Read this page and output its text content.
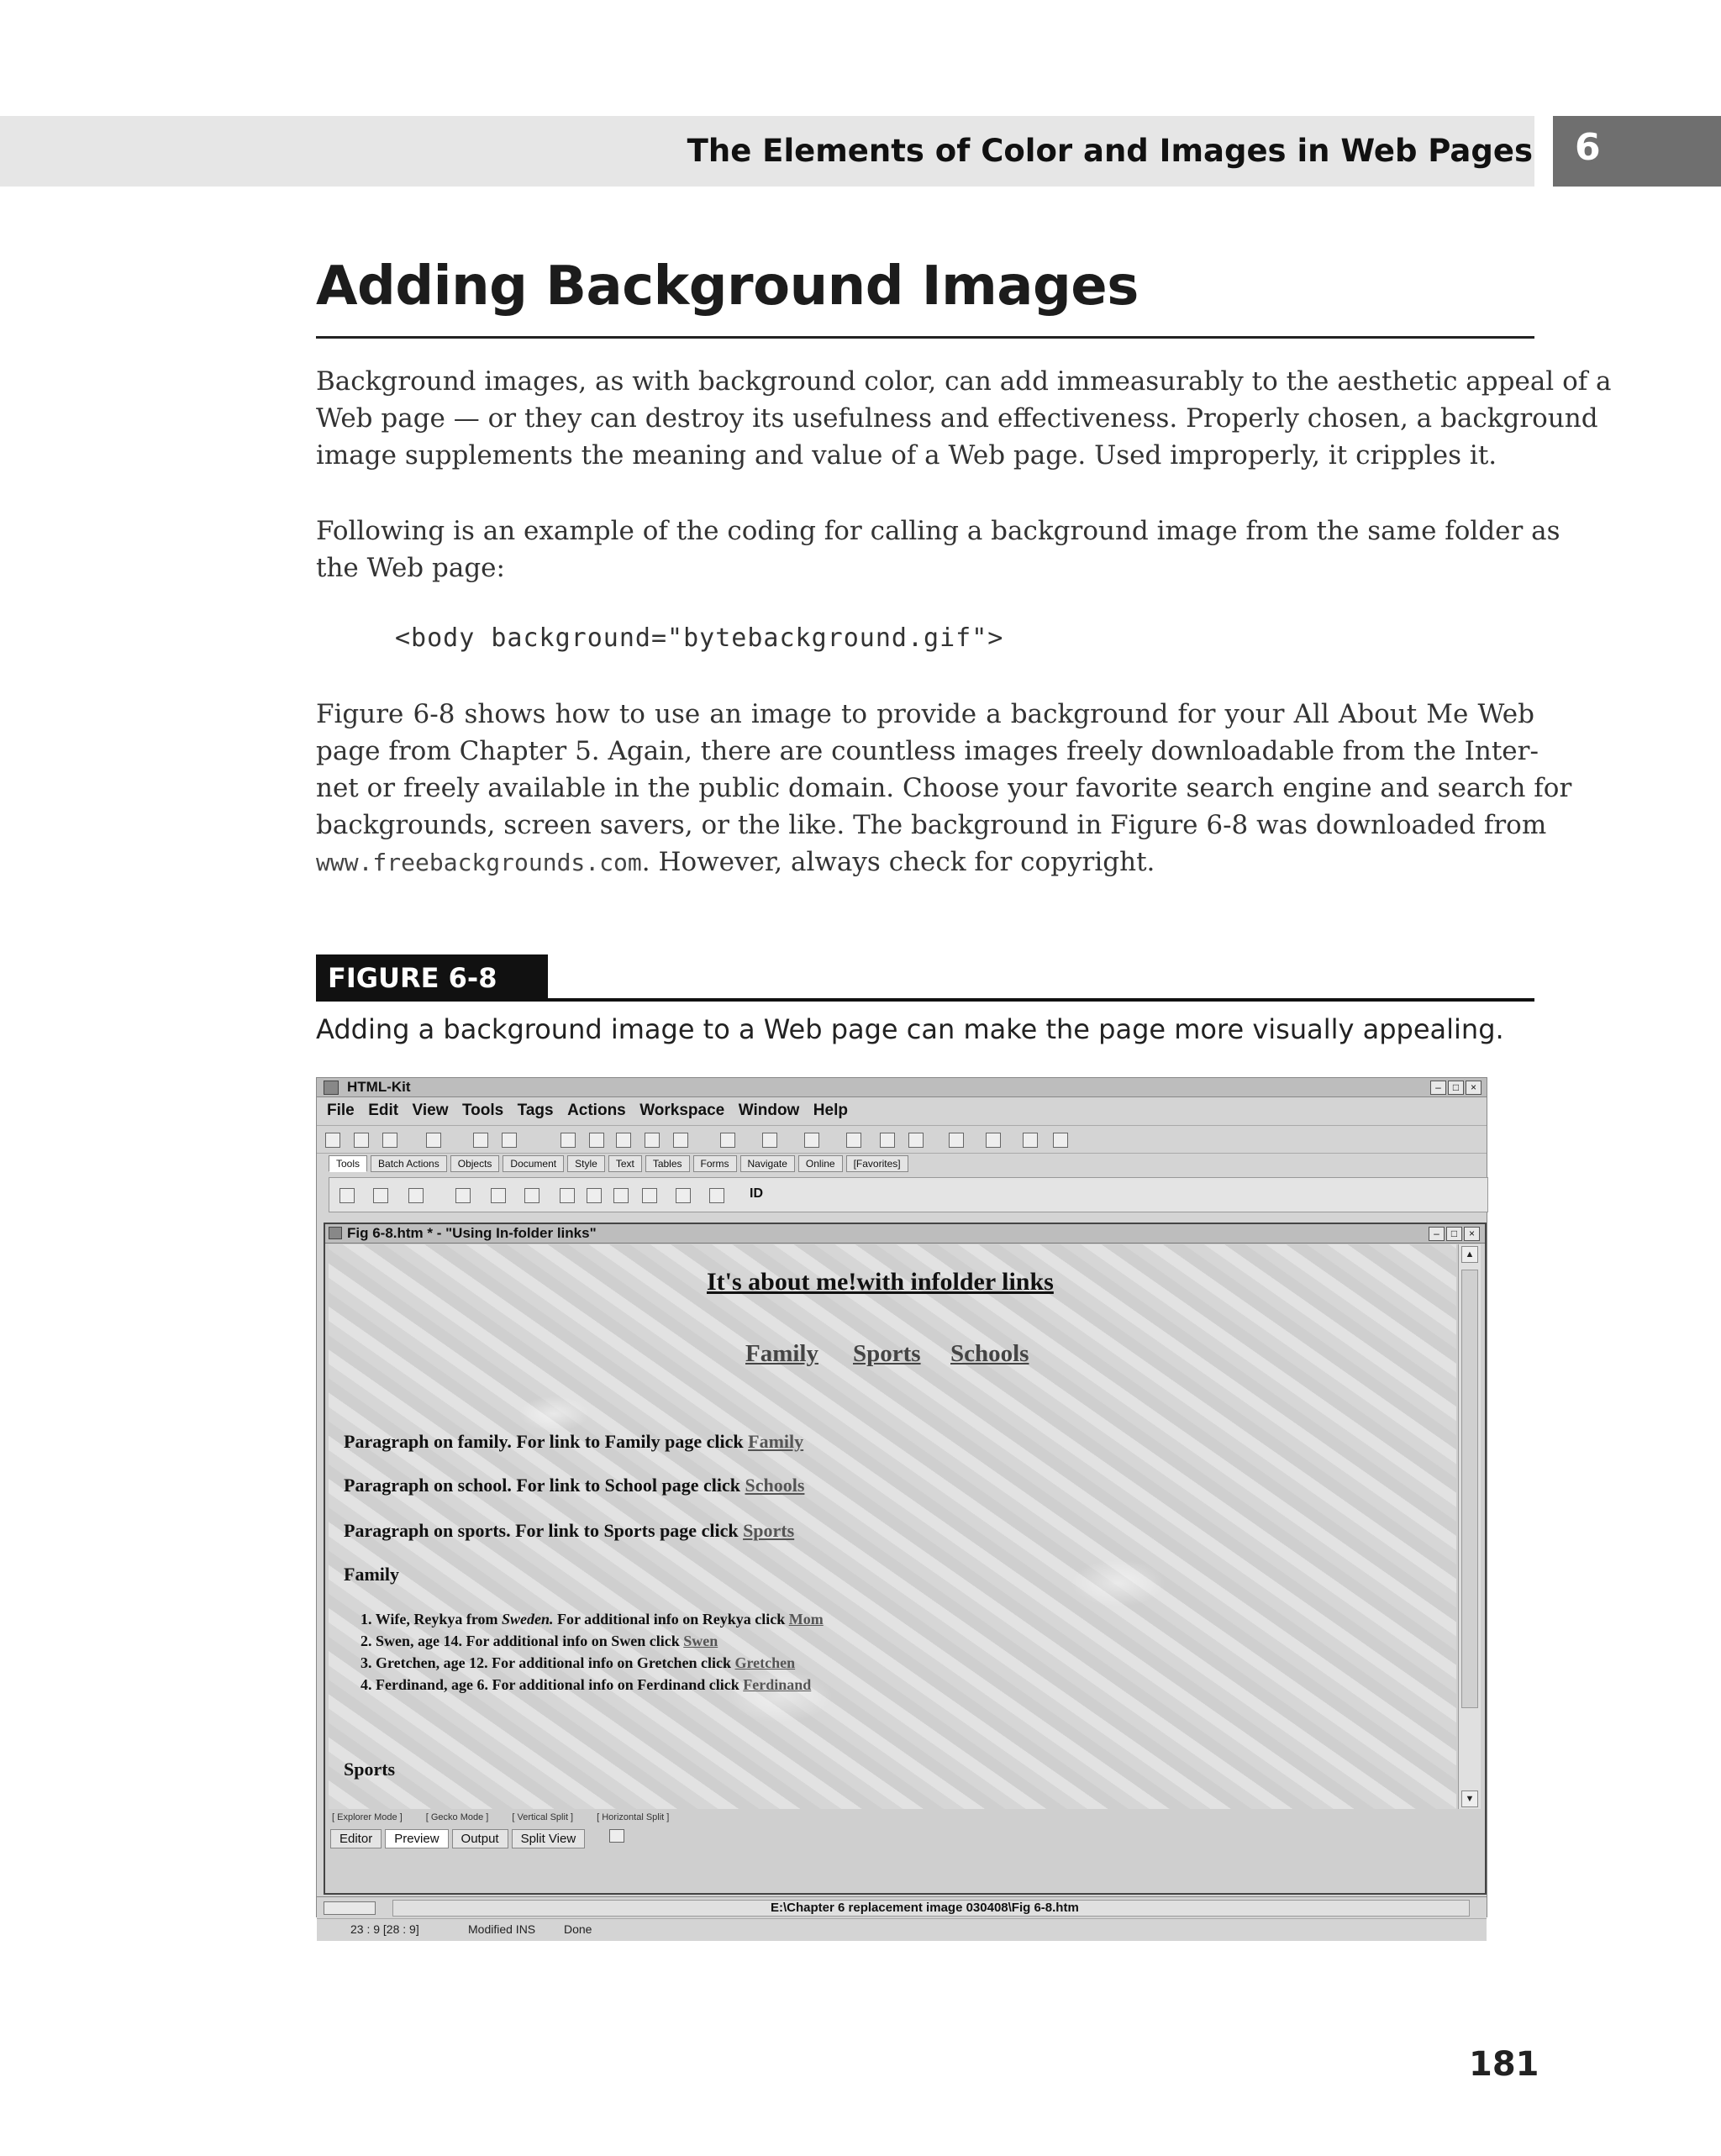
The Elements of Color and Images in Web Pages 6
Adding Background Images
Background images, as with background color, can add immeasurably to the aesthetic appeal of a
Web page — or they can destroy its usefulness and effectiveness. Properly chosen, a background
image supplements the meaning and value of a Web page. Used improperly, it cripples it.
Following is an example of the coding for calling a background image from the same folder as
the Web page:
<body background="bytebackground.gif">
Figure 6-8 shows how to use an image to provide a background for your All About Me Web
page from Chapter 5. Again, there are countless images freely downloadable from the Inter-
net or freely available in the public domain. Choose your favorite search engine and search for
backgrounds, screen savers, or the like. The background in Figure 6-8 was downloaded from
www.freebackgrounds.com. However, always check for copyright.
FIGURE 6-8
Adding a background image to a Web page can make the page more visually appealing.
HTML-Kit	– □ ×
File Edit View Tools Tags Actions Workspace Window Help
Tools Batch Actions Objects Document Style Text Tables Forms Navigate Online [Favorites]
ID
Fig 6-8.htm * - "Using In-folder links"	– □ ×
It's about me!with infolder links
Family Sports Schools
Paragraph on family. For link to Family page click Family
Paragraph on school. For link to School page click Schools
Paragraph on sports. For link to Sports page click Sports
Family
1. Wife, Reykya from Sweden. For additional info on Reykya click Mom
2. Swen, age 14. For additional info on Swen click Swen
3. Gretchen, age 12. For additional info on Gretchen click Gretchen
4. Ferdinand, age 6. For additional info on Ferdinand click Ferdinand
Sports
▲
▼
[ Explorer Mode ]	[ Gecko Mode ]	[ Vertical Split ]	[ Horizontal Split ]
Editor Preview Output Split View
E:\Chapter 6 replacement image 030408\Fig 6-8.htm
23 : 9 [28 : 9]	Modified INS Done
181
